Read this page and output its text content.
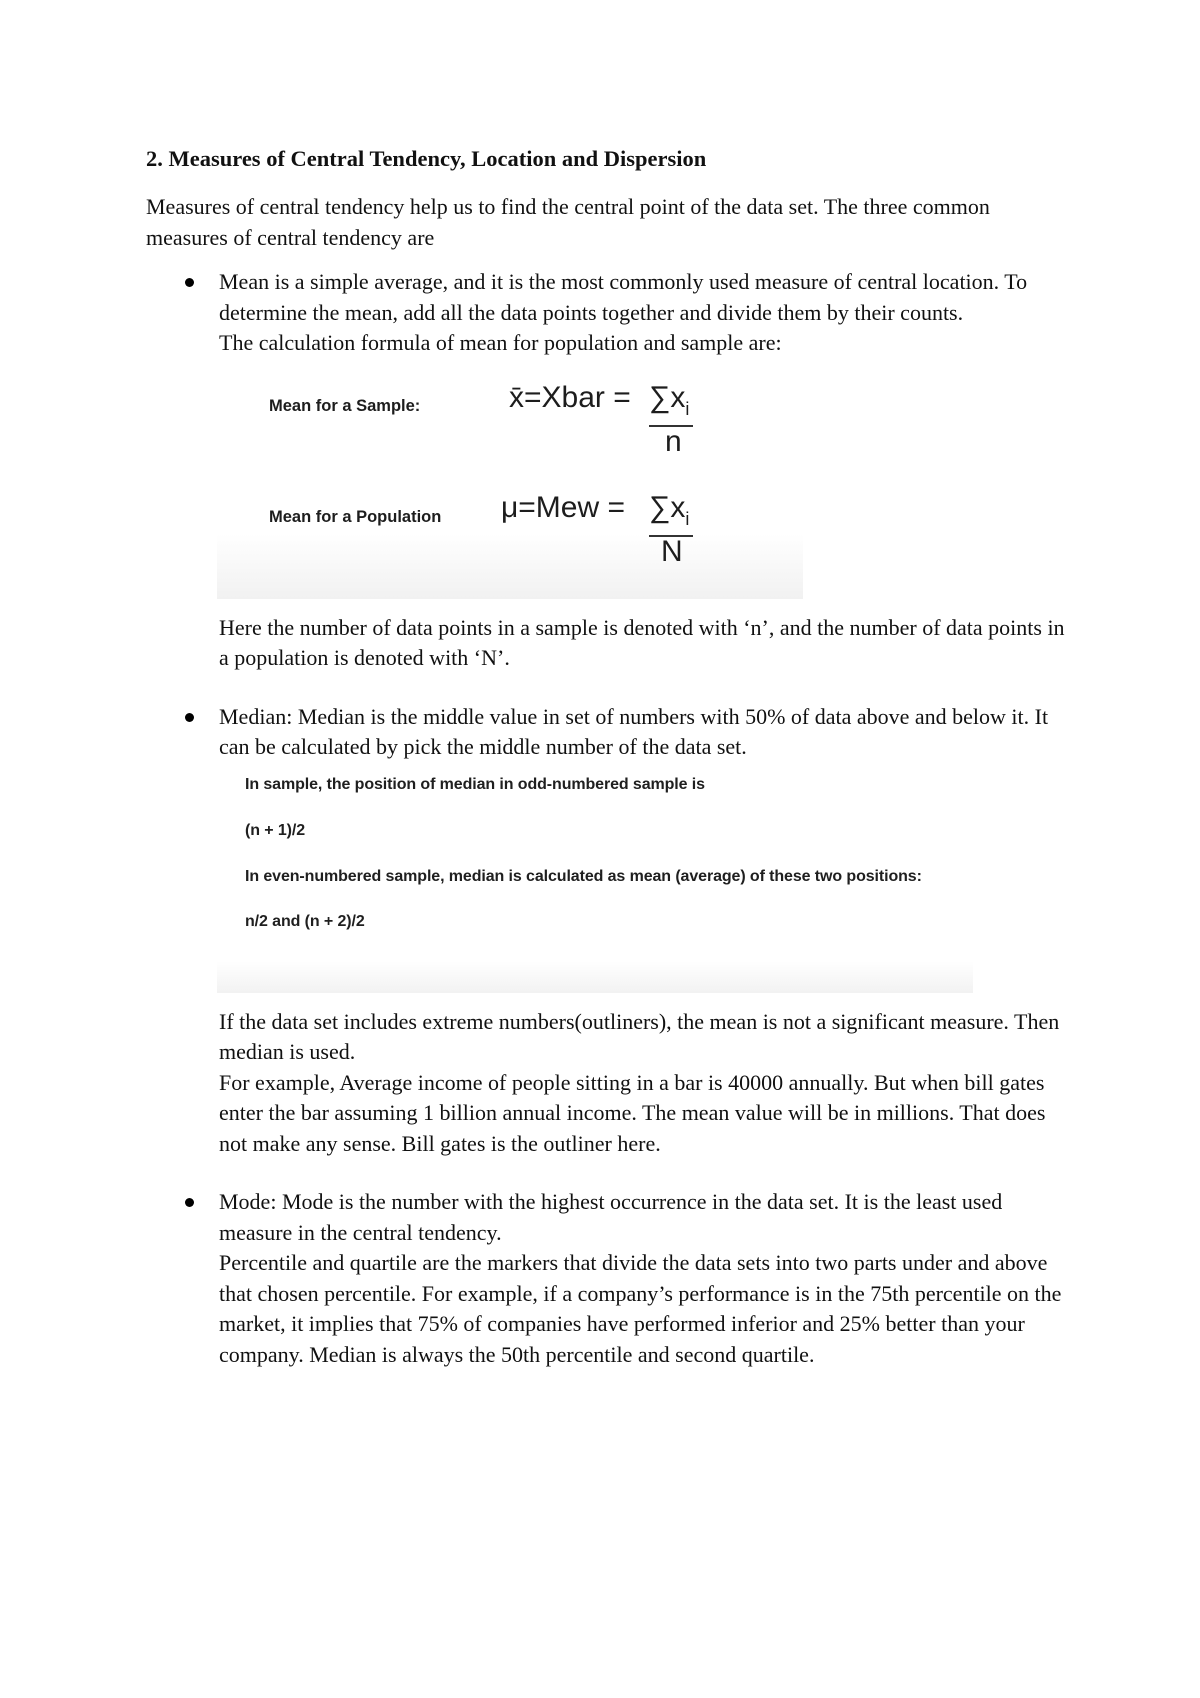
2. Measures of Central Tendency, Location and Dispersion

Measures of central tendency help us to find the central point of the data set. The three common measures of central tendency are

Mean is a simple average, and it is the most commonly used measure of central location. To determine the mean, add all the data points together and divide them by their counts.

The calculation formula of mean for population and sample are:

Mean for a Sample:	x̄=Xbar = $\sum x_i$
n
Mean for a Population $\mu=Mew = \sum x_i$
N

Here the number of data points in a sample is denoted with ‘n’, and the number of data points in a population is denoted with ‘N’.

Median: Median is the middle value in set of numbers with 50% of data above and below it. It can be calculated by pick the middle number of the data set.

In sample, the position of median in odd-numbered sample is
(n + 1)/2
In even-numbered sample, median is calculated as mean (average) of these two positions:
n/2 and (n + 2)/2

If the data set includes extreme numbers(outliners), the mean is not a significant measure. Then median is used.

For example, Average income of people sitting in a bar is 40000 annually. But when bill gates enter the bar assuming 1 billion annual income. The mean value will be in millions. That does not make any sense. Bill gates is the outliner here.

Mode: Mode is the number with the highest occurrence in the data set. It is the least used measure in the central tendency.

Percentile and quartile are the markers that divide the data sets into two parts under and above that chosen percentile. For example, if a company’s performance is in the 75th percentile on the market, it implies that 75% of companies have performed inferior and 25% better than your company. Median is always the 50th percentile and second quartile.
